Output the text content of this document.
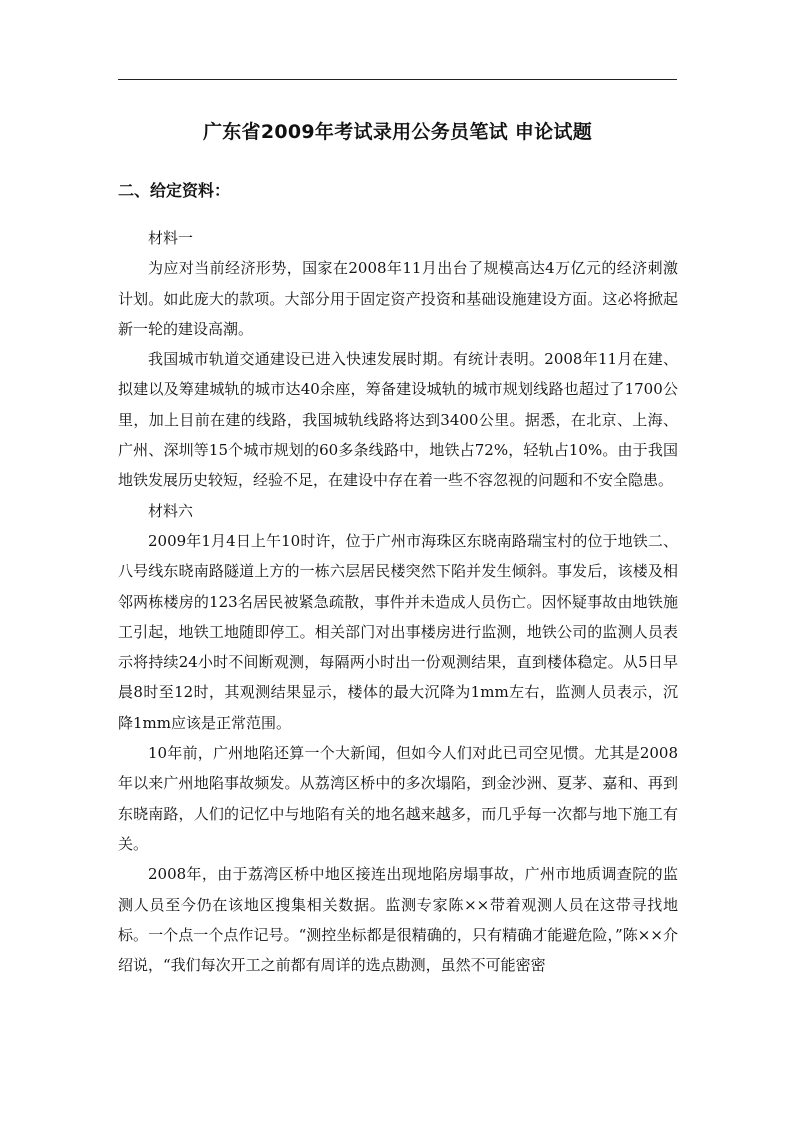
广东省2009年考试录用公务员笔试 申论试题
二、给定资料：

材料一

为应对当前经济形势，国家在2008年11月出台了规模高达4万亿元的经济刺激计划。如此庞大的款项。大部分用于固定资产投资和基础设施建设方面。这必将掀起新一轮的建设高潮。

我国城市轨道交通建设已进入快速发展时期。有统计表明。2008年11月在建、拟建以及筹建城轨的城市达40余座，筹备建设城轨的城市规划线路也超过了1700公里，加上目前在建的线路，我国城轨线路将达到3400公里。据悉，在北京、上海、广州、深圳等15个城市规划的60多条线路中，地铁占72%，轻轨占10%。由于我国地铁发展历史较短，经验不足，在建设中存在着一些不容忽视的问题和不安全隐患。

材料六

2009年1月4日上午10时许，位于广州市海珠区东晓南路瑞宝村的位于地铁二、八号线东晓南路隧道上方的一栋六层居民楼突然下陷并发生倾斜。事发后，该楼及相邻两栋楼房的123名居民被紧急疏散，事件并未造成人员伤亡。因怀疑事故由地铁施工引起，地铁工地随即停工。相关部门对出事楼房进行监测，地铁公司的监测人员表示将持续24小时不间断观测，每隔两小时出一份观测结果，直到楼体稳定。从5日早晨8时至12时，其观测结果显示，楼体的最大沉降为1mm左右，监测人员表示，沉降1mm应该是正常范围。

10年前，广州地陷还算一个大新闻，但如今人们对此已司空见惯。尤其是2008年以来广州地陷事故频发。从荔湾区桥中的多次塌陷，到金沙洲、夏茅、嘉和、再到东晓南路，人们的记忆中与地陷有关的地名越来越多，而几乎每一次都与地下施工有关。

2008年，由于荔湾区桥中地区接连出现地陷房塌事故，广州市地质调查院的监测人员至今仍在该地区搜集相关数据。监测专家陈××带着观测人员在这带寻找地标。一个点一个点作记号。“测控坐标都是很精确的，只有精确才能避危险，”陈××介绍说，“我们每次开工之前都有周详的选点勘测，虽然不可能密密
